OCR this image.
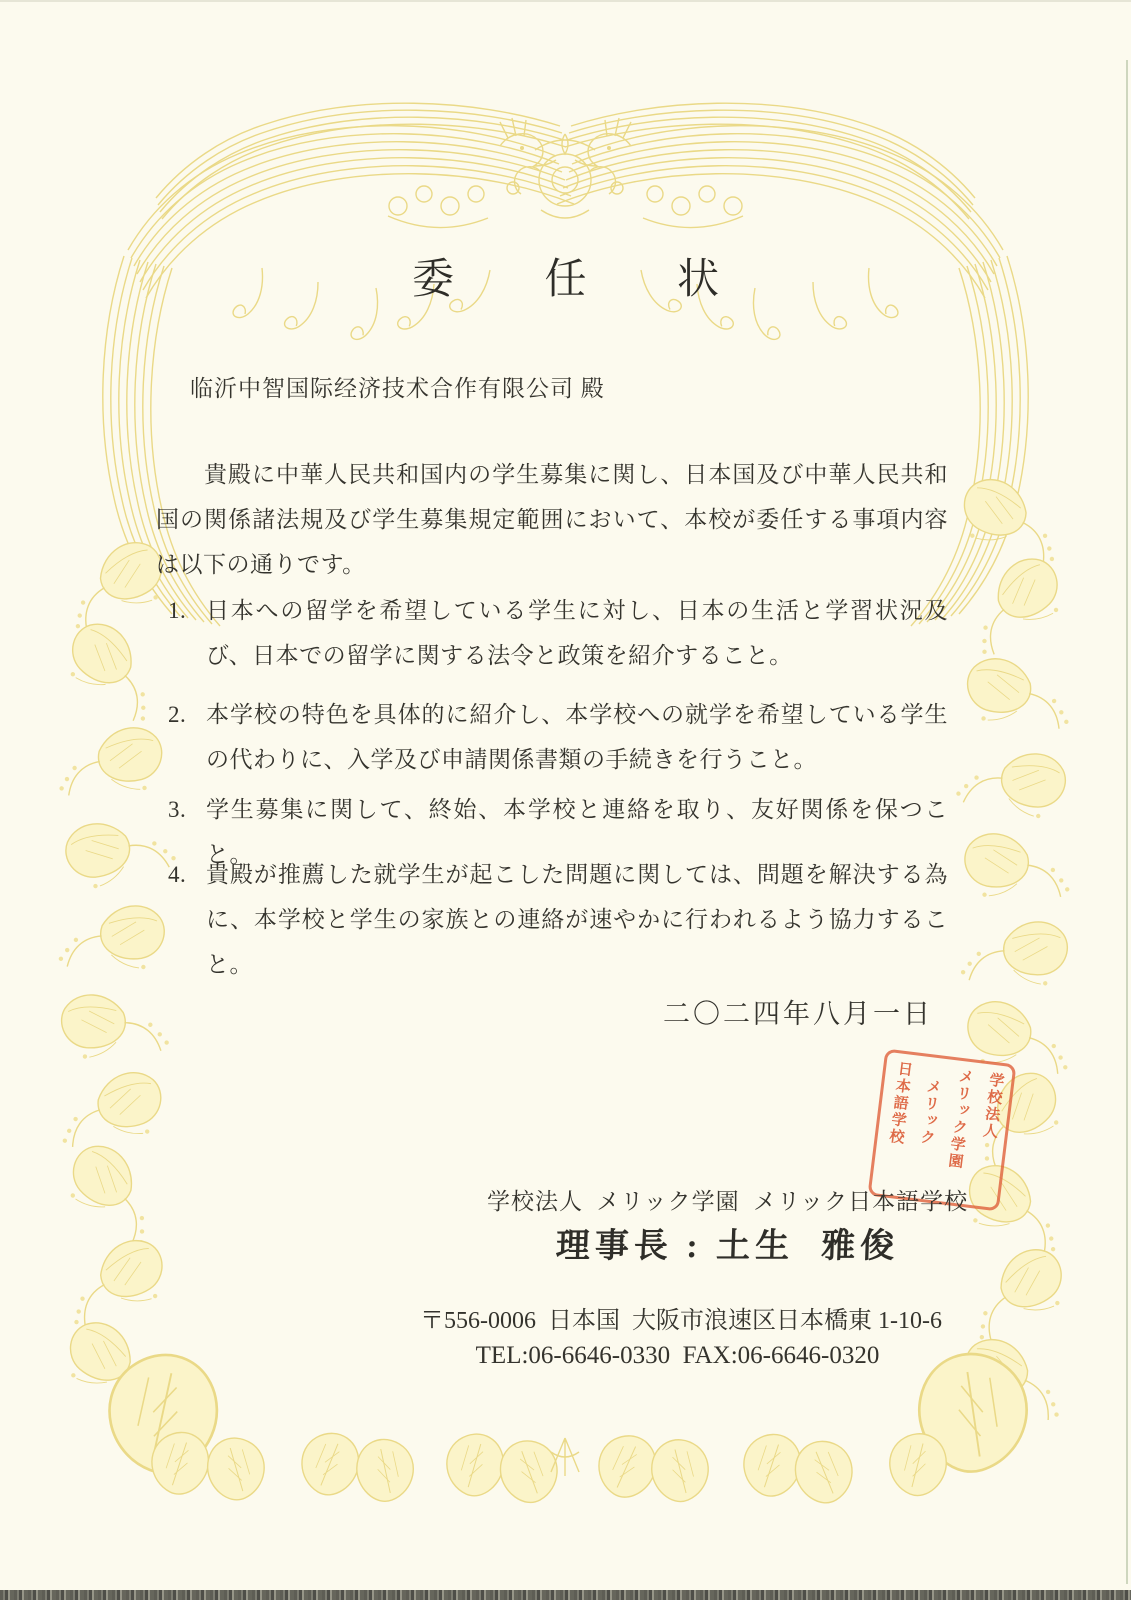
委 任 状
临沂中智国际经济技术合作有限公司 殿
貴殿に中華人民共和国内の学生募集に関し、日本国及び中華人民共和国の関係諸法規及び学生募集規定範囲において、本校が委任する事項内容は以下の通りです。
1. 日本への留学を希望している学生に対し、日本の生活と学習状況及び、日本での留学に関する法令と政策を紹介すること。
2. 本学校の特色を具体的に紹介し、本学校への就学を希望している学生の代わりに、入学及び申請関係書類の手続きを行うこと。
3. 学生募集に関して、終始、本学校と連絡を取り、友好関係を保つこと。
4. 貴殿が推薦した就学生が起こした問題に関しては、問題を解決する為に、本学校と学生の家族との連絡が速やかに行われるよう協力すること。
二〇二四年八月一日
学校法人
メリック学園
メリック
日本語学校
学校法人  メリック学園  メリック日本語学校
理事長 : 土生  雅俊
〒556-0006  日本国  大阪市浪速区日本橋東 1-10-6
TEL:06-6646-0330  FAX:06-6646-0320
